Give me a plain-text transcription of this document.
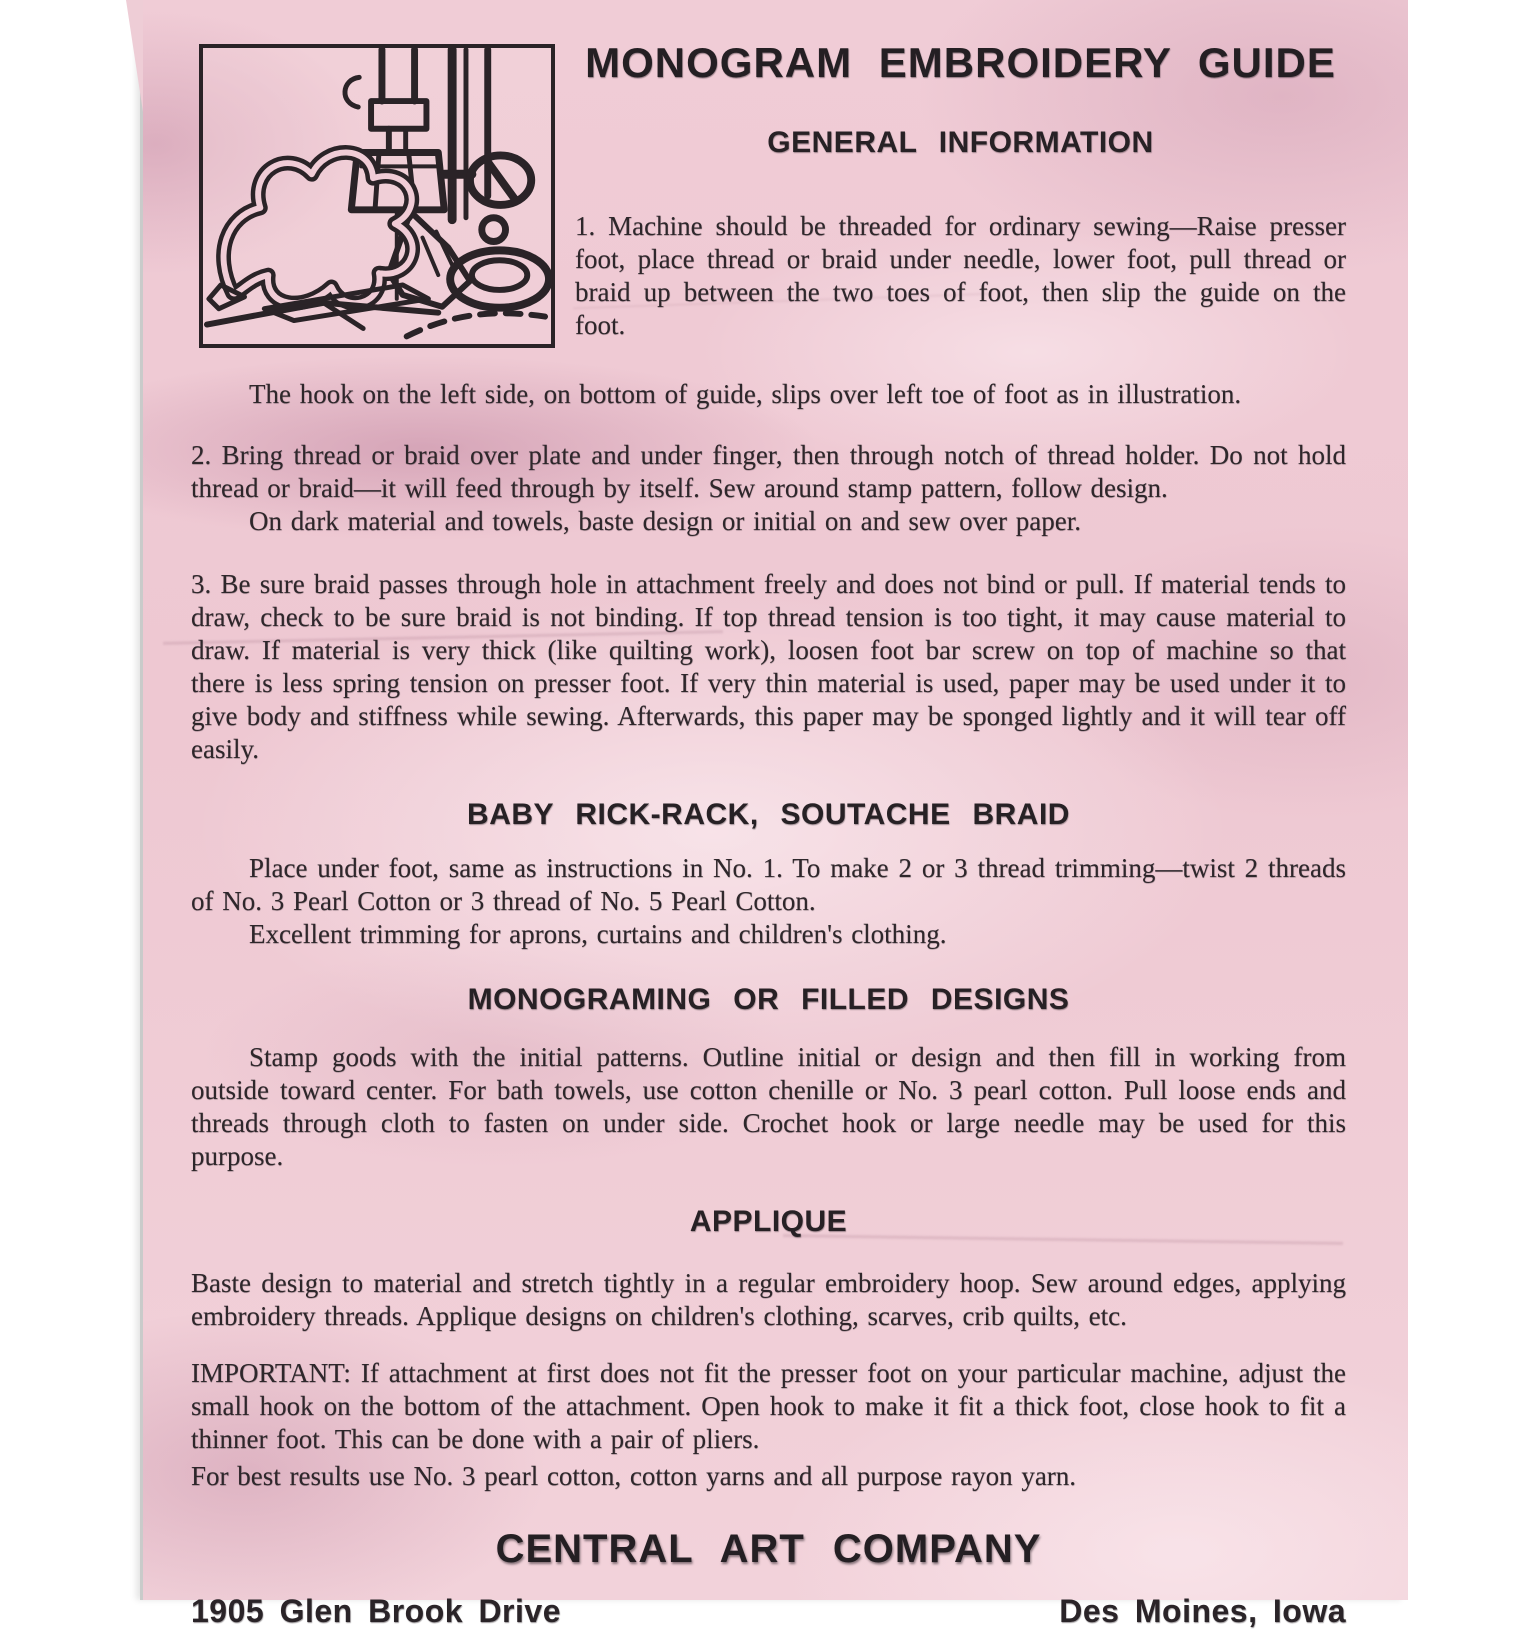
MONOGRAM EMBROIDERY GUIDE
GENERAL INFORMATION

1. Machine should be threaded for ordinary sewing—Raise presser foot, place thread or braid under needle, lower foot, pull thread or braid up between the two toes of foot, then slip the guide on the foot.

The hook on the left side, on bottom of guide, slips over left toe of foot as in illustration.

2. Bring thread or braid over plate and under finger, then through notch of thread holder. Do not hold thread or braid—it will feed through by itself. Sew around stamp pattern, follow design.

On dark material and towels, baste design or initial on and sew over paper.

3. Be sure braid passes through hole in attachment freely and does not bind or pull. If material tends to draw, check to be sure braid is not binding. If top thread tension is too tight, it may cause material to draw. If material is very thick (like quilting work), loosen foot bar screw on top of machine so that there is less spring tension on presser foot. If very thin material is used, paper may be used under it to give body and stiffness while sewing. Afterwards, this paper may be sponged lightly and it will tear off easily.

BABY RICK-RACK, SOUTACHE BRAID

Place under foot, same as instructions in No. 1. To make 2 or 3 thread trimming—twist 2 threads of No. 3 Pearl Cotton or 3 thread of No. 5 Pearl Cotton.

Excellent trimming for aprons, curtains and children's clothing.

MONOGRAMING OR FILLED DESIGNS

Stamp goods with the initial patterns. Outline initial or design and then fill in working from outside toward center. For bath towels, use cotton chenille or No. 3 pearl cotton. Pull loose ends and threads through cloth to fasten on under side. Crochet hook or large needle may be used for this purpose.

APPLIQUE

Baste design to material and stretch tightly in a regular embroidery hoop. Sew around edges, applying embroidery threads. Applique designs on children's clothing, scarves, crib quilts, etc.

IMPORTANT: If attachment at first does not fit the presser foot on your particular machine, adjust the small hook on the bottom of the attachment. Open hook to make it fit a thick foot, close hook to fit a thinner foot. This can be done with a pair of pliers.

For best results use No. 3 pearl cotton, cotton yarns and all purpose rayon yarn.

CENTRAL ART COMPANY
1905 Glen Brook Drive	Des Moines, Iowa
